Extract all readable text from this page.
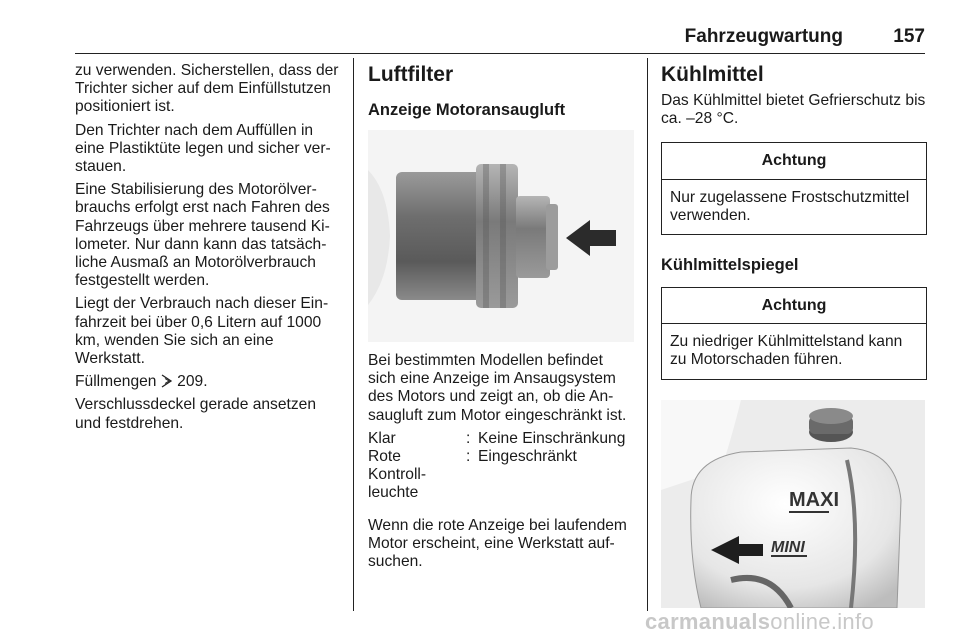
Fahrzeugwartung	157

zu verwenden. Sicherstellen, dass der Trichter sicher auf dem Einfüllstutzen positioniert ist.

Den Trichter nach dem Auffüllen in eine Plastiktüte legen und sicher verstauen.

Eine Stabilisierung des Motorölverbrauchs erfolgt erst nach Fahren des Fahrzeugs über mehrere tausend Kilometer. Nur dann kann das tatsächliche Ausmaß an Motorölverbrauch festgestellt werden.

Liegt der Verbrauch nach dieser Einfahrzeit bei über 0,6 Litern auf 1000 km, wenden Sie sich an eine Werkstatt.

Füllmengen 209.

Verschlussdeckel gerade ansetzen und festdrehen.

Luftfilter
Anzeige Motoransaugluft

Bei bestimmten Modellen befindet sich eine Anzeige im Ansaugsystem des Motors und zeigt an, ob die Ansaugluft zum Motor eingeschränkt ist.

Klar	:	Keine Einschränkung
Rote Kontrollleuchte	:	Eingeschränkt

Wenn die rote Anzeige bei laufendem Motor erscheint, eine Werkstatt aufsuchen.

Kühlmittel

Das Kühlmittel bietet Gefrierschutz bis ca. –28 °C.

Achtung
Nur zugelassene Frostschutzmittel verwenden.
Kühlmittelspiegel
Achtung
Zu niedriger Kühlmittelstand kann zu Motorschaden führen.
MAXI
MINI
carmanualsonline.info
